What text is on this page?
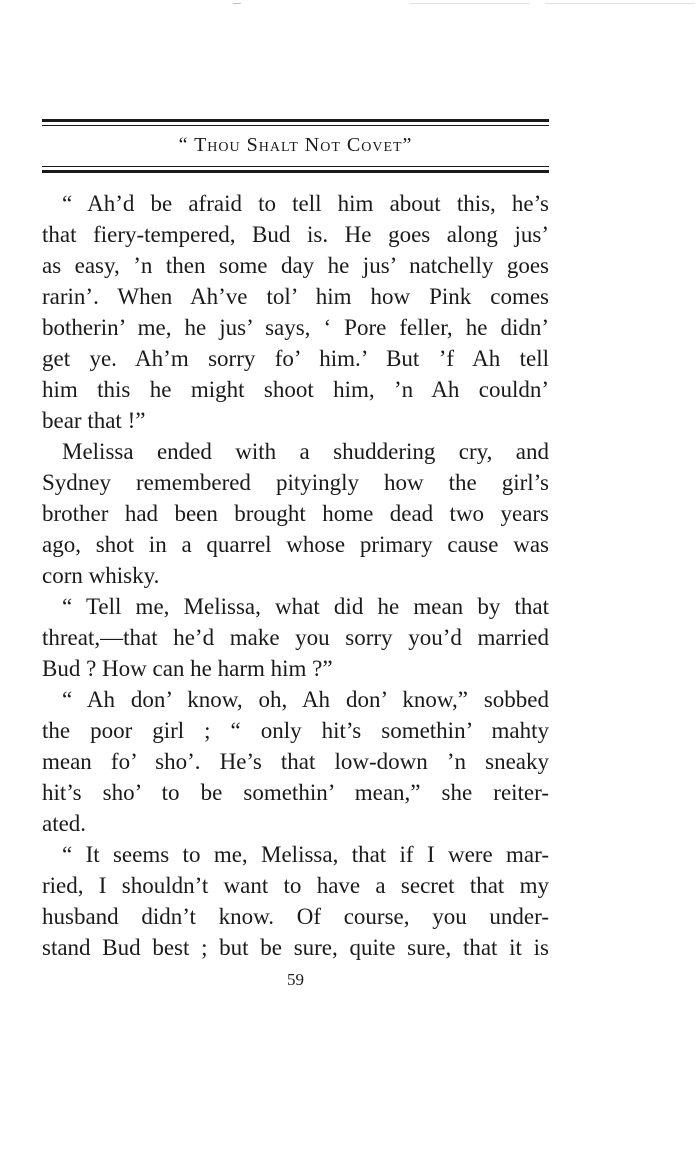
“ Thou Shalt Not Covet”
“ Ah’d be afraid to tell him about this, he’s
that fiery-tempered, Bud is. He goes along jus’
as easy, ’n then some day he jus’ natchelly goes
rarin’. When Ah’ve tol’ him how Pink comes
botherin’ me, he jus’ says, ‘ Pore feller, he didn’
get ye. Ah’m sorry fo’ him.’ But ’f Ah tell
him this he might shoot him, ’n Ah couldn’
bear that !”
Melissa ended with a shuddering cry, and
Sydney remembered pityingly how the girl’s
brother had been brought home dead two years
ago, shot in a quarrel whose primary cause was
corn whisky.
“ Tell me, Melissa, what did he mean by that
threat,—that he’d make you sorry you’d married
Bud ? How can he harm him ?”
“ Ah don’ know, oh, Ah don’ know,” sobbed
the poor girl ; “ only hit’s somethin’ mahty
mean fo’ sho’. He’s that low-down ’n sneaky
hit’s sho’ to be somethin’ mean,” she reiter-
ated.
“ It seems to me, Melissa, that if I were mar-
ried, I shouldn’t want to have a secret that my
husband didn’t know. Of course, you under-
stand Bud best ; but be sure, quite sure, that it is
59
